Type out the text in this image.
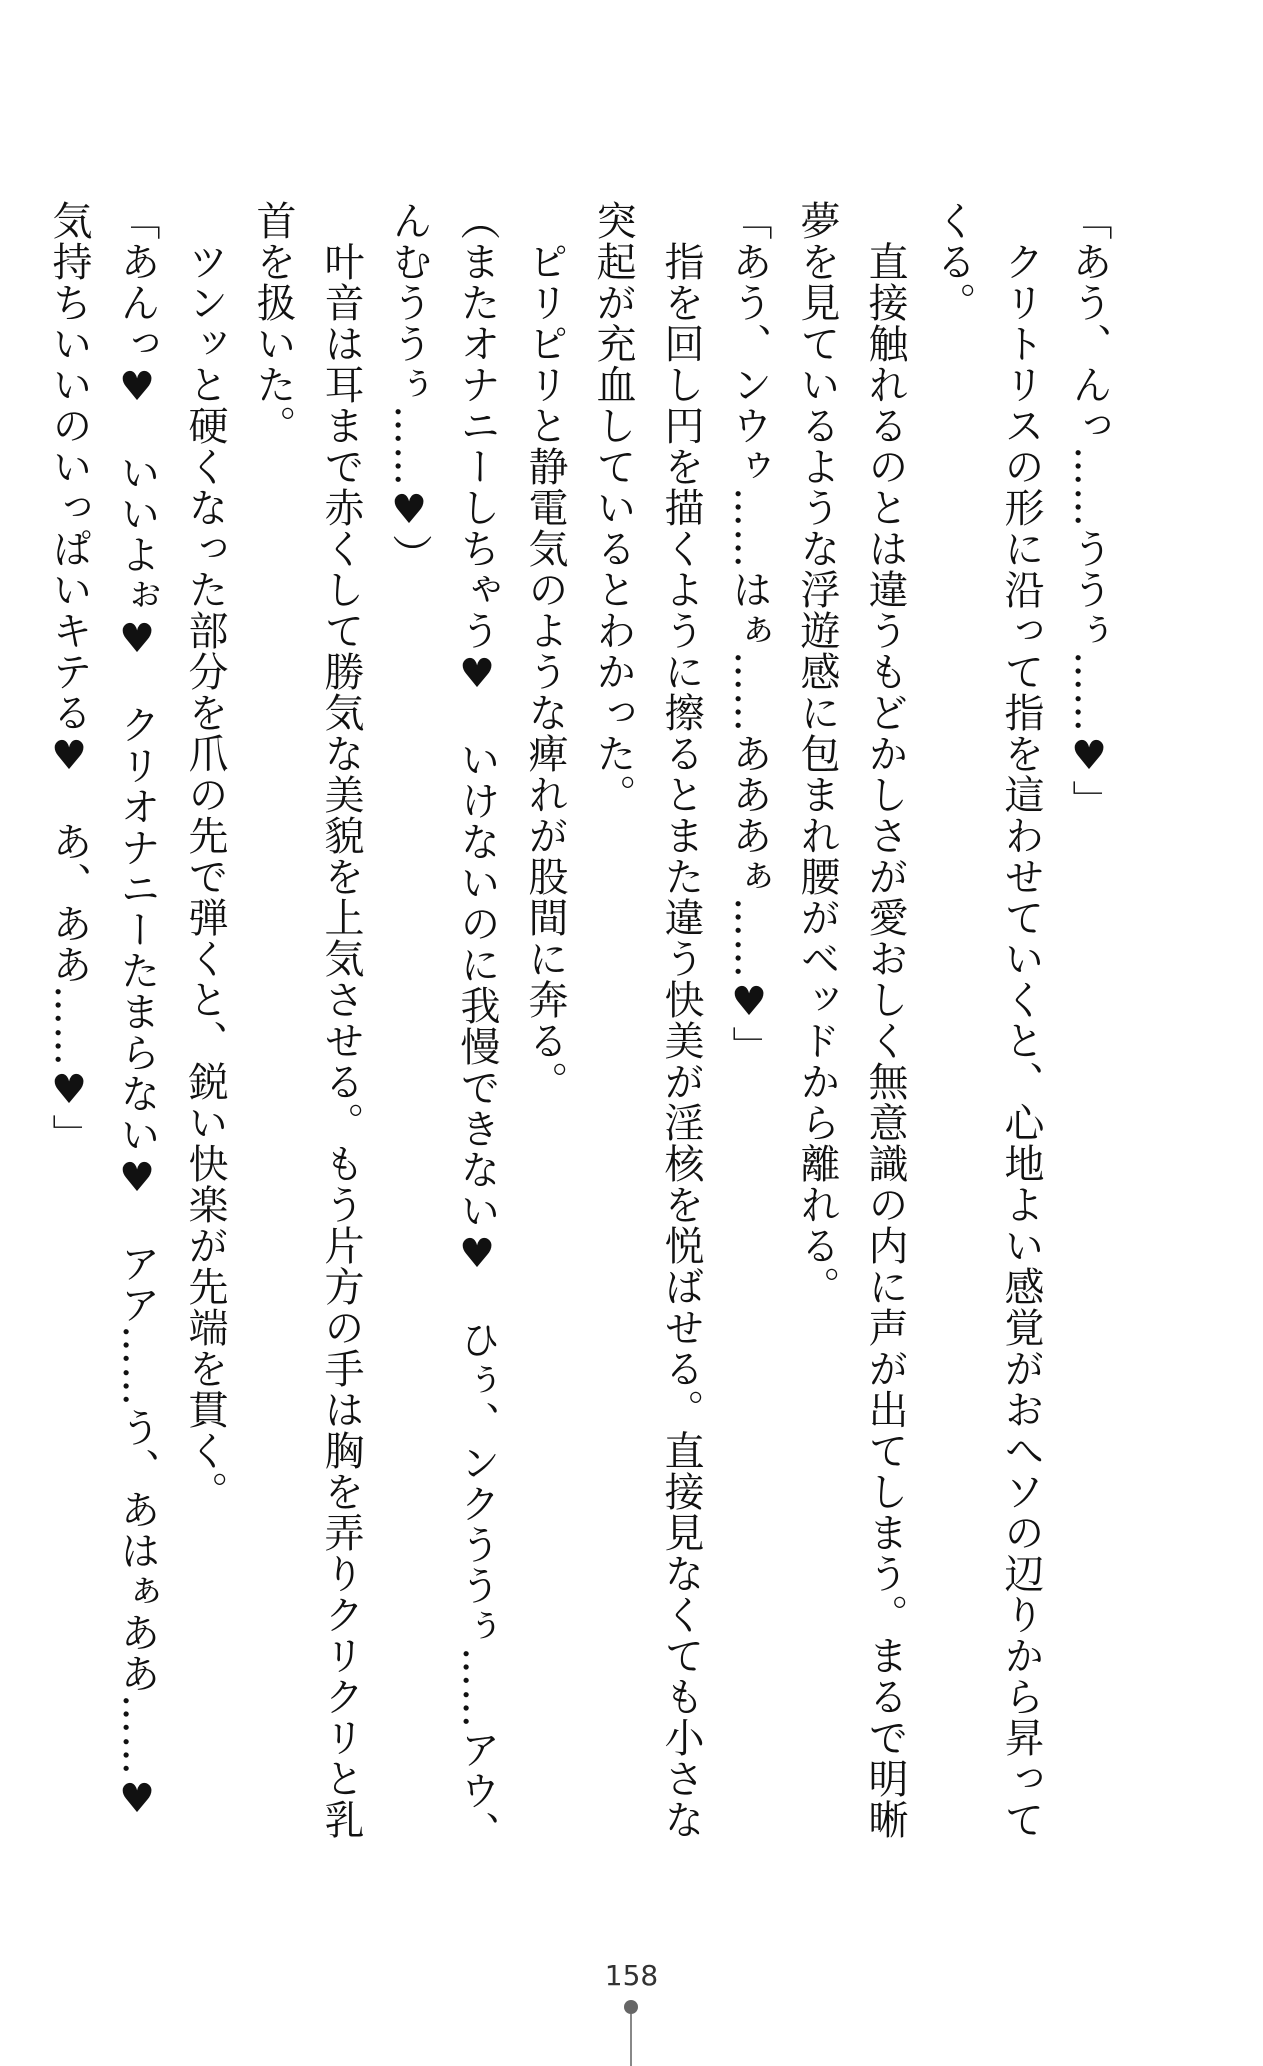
「あう、んっ……ううぅ……♥」

　クリトリスの形に沿って指を這わせていくと、心地よい感覚がおへソの辺りから昇ってくる。

　直接触れるのとは違うもどかしさが愛おしく無意識の内に声が出てしまう。まるで明晰夢を見ているような浮遊感に包まれ腰がベッドから離れる。

「あう、ンウゥ……はぁ……あああぁ……♥」

　指を回し円を描くように擦るとまた違う快美が淫核を悦ばせる。直接見なくても小さな突起が充血しているとわかった。

　ピリピリと静電気のような痺れが股間に奔る。

（またオナニーしちゃう♥　いけないのに我慢できない♥　ひぅ、ンクううぅ……アウ、んむううぅ……♥）

　叶音は耳まで赤くして勝気な美貌を上気させる。もう片方の手は胸を弄りクリクリと乳首を扱いた。

　ツンッと硬くなった部分を爪の先で弾くと、鋭い快楽が先端を貫く。

「あんっ♥　いいよぉ♥　クリオナニーたまらない♥　アア……う、あはぁああ……♥

気持ちいいのいっぱいキテる♥　あ、ああ……♥」

158
